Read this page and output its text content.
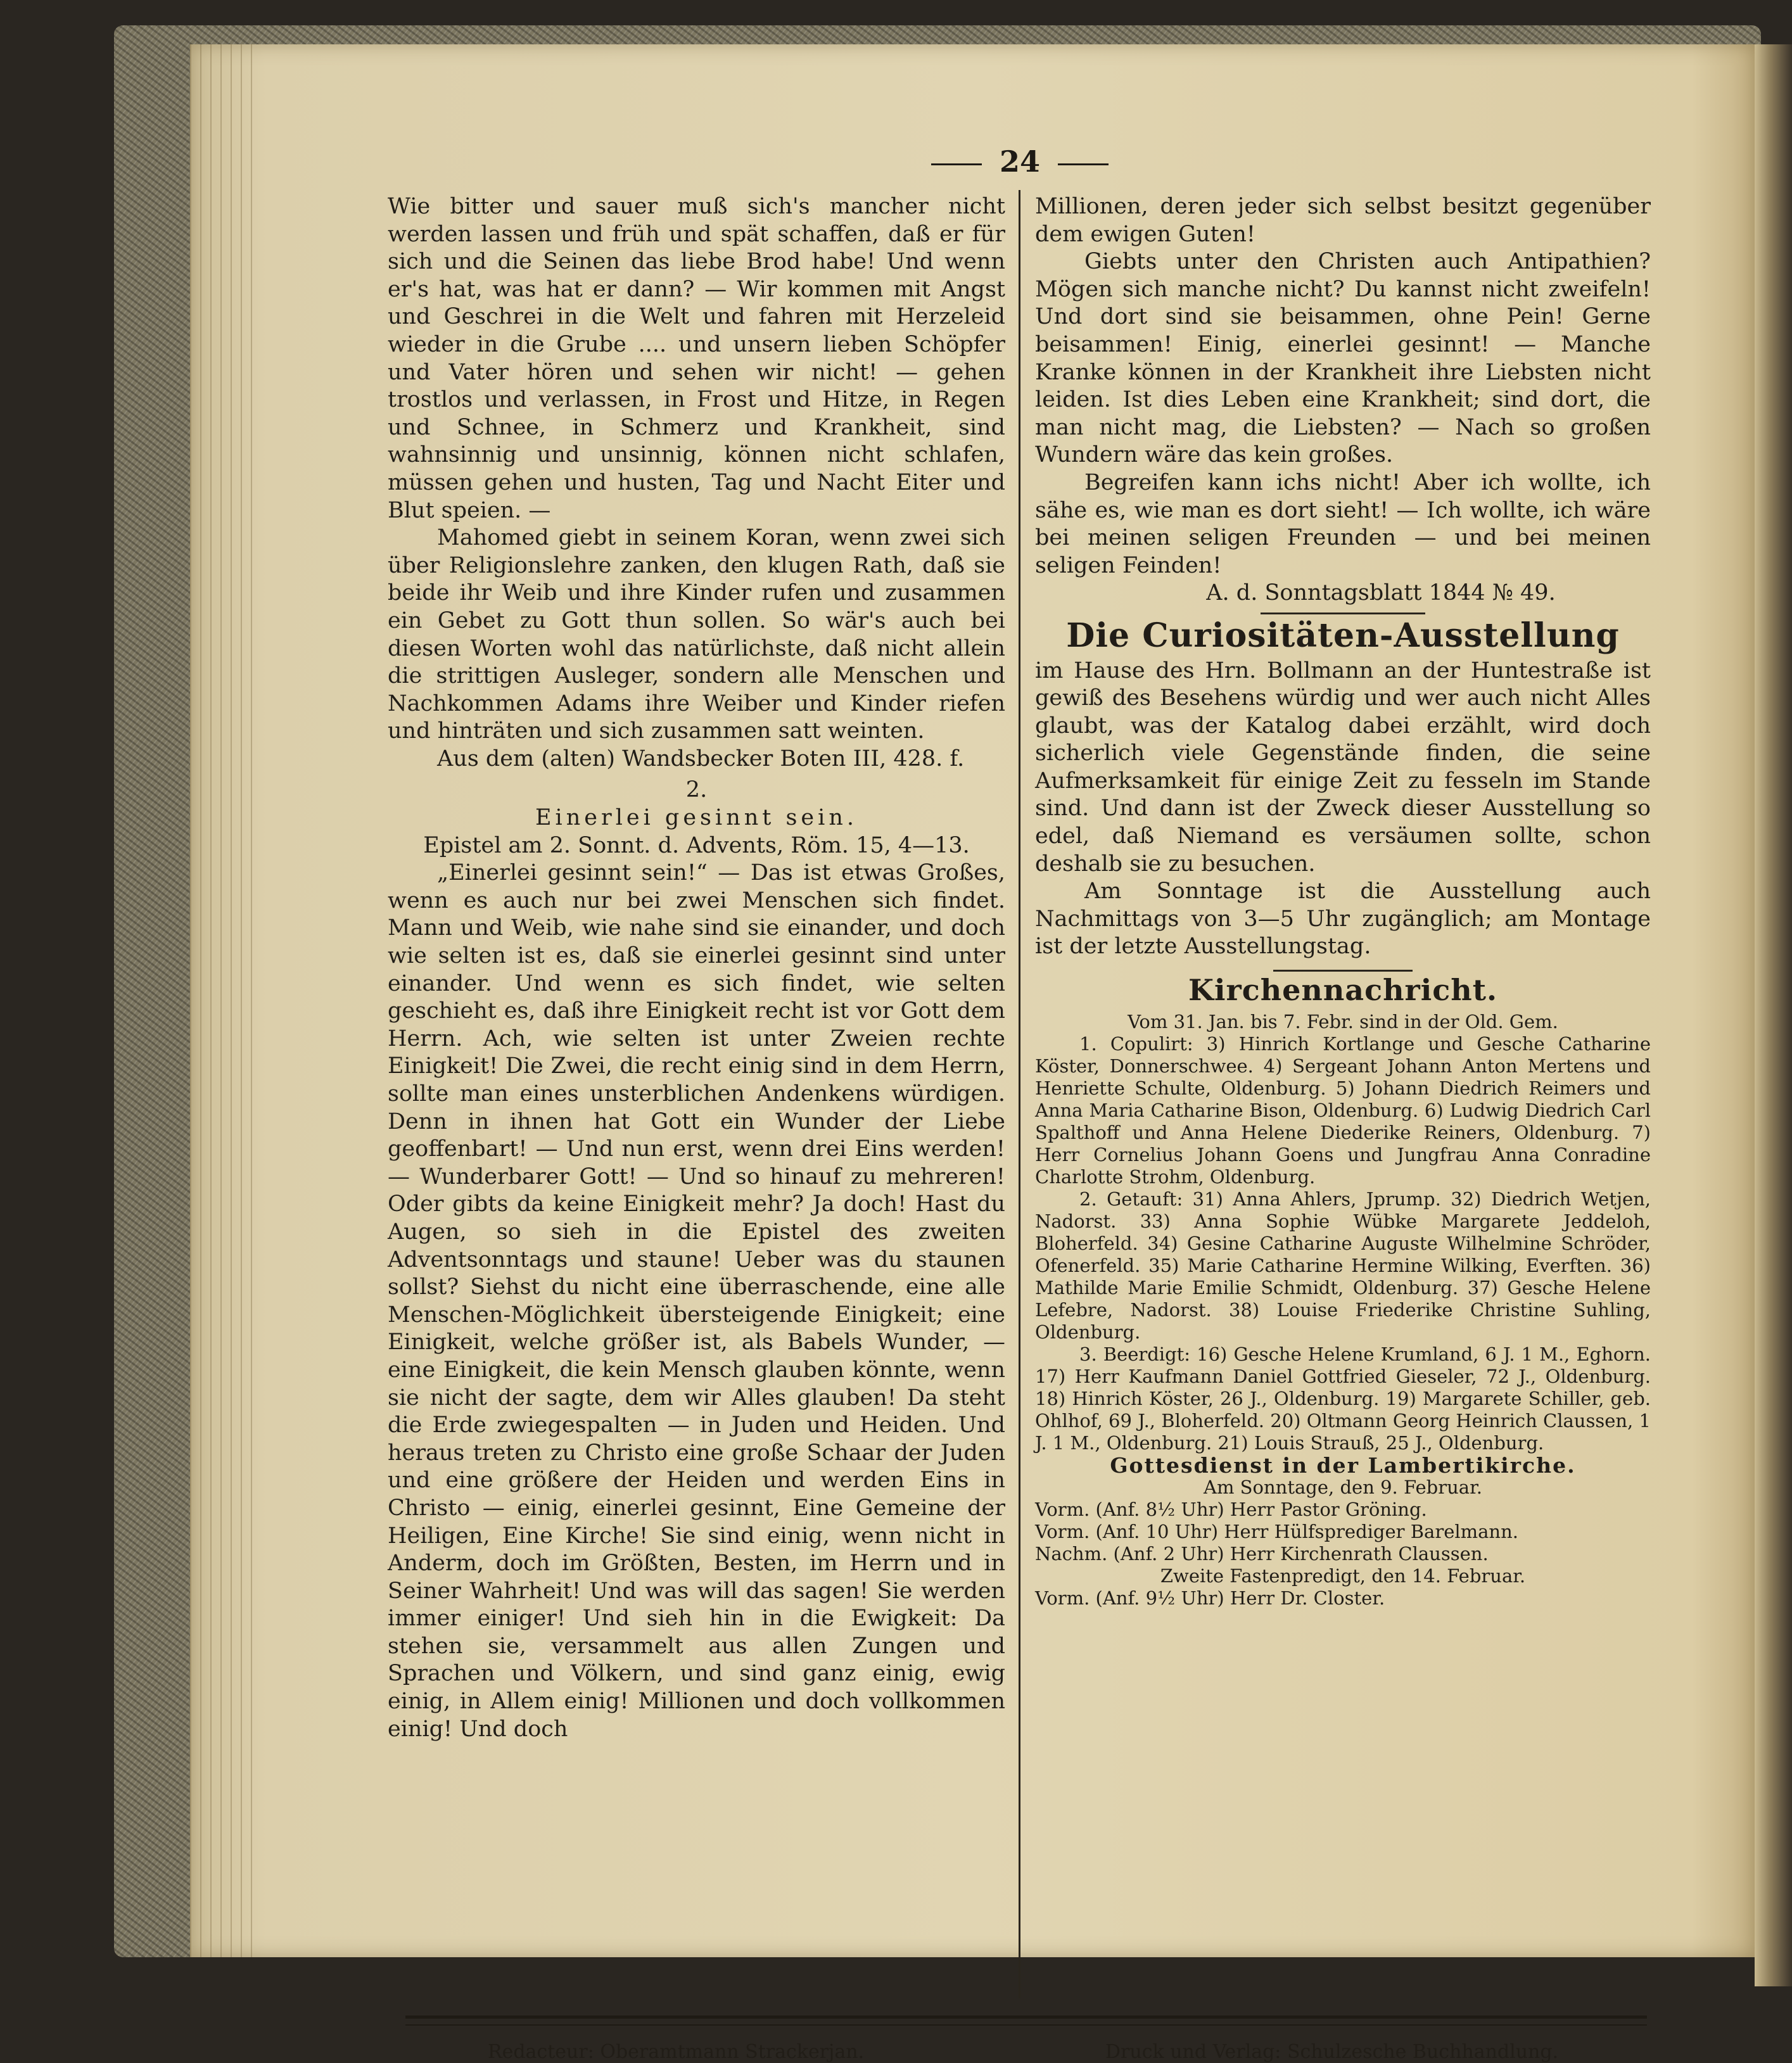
24

Wie bitter und sauer muß sich's mancher nicht werden lassen und früh und spät schaffen, daß er für sich und die Seinen das liebe Brod habe! Und wenn er's hat, was hat er dann? — Wir kommen mit Angst und Geschrei in die Welt und fahren mit Herzeleid wieder in die Grube .... und unsern lieben Schöpfer und Vater hören und sehen wir nicht! — gehen trostlos und verlassen, in Frost und Hitze, in Regen und Schnee, in Schmerz und Krankheit, sind wahnsinnig und unsinnig, können nicht schlafen, müssen gehen und husten, Tag und Nacht Eiter und Blut speien. —

Mahomed giebt in seinem Koran, wenn zwei sich über Religionslehre zanken, den klugen Rath, daß sie beide ihr Weib und ihre Kinder rufen und zusammen ein Gebet zu Gott thun sollen. So wär's auch bei diesen Worten wohl das natürlichste, daß nicht allein die strittigen Ausleger, sondern alle Menschen und Nachkommen Adams ihre Weiber und Kinder riefen und hinträten und sich zusammen satt weinten.

Aus dem (alten) Wandsbecker Boten III, 428. f.

2.

Einerlei gesinnt sein.

Epistel am 2. Sonnt. d. Advents, Röm. 15, 4—13.

„Einerlei gesinnt sein!“ — Das ist etwas Großes, wenn es auch nur bei zwei Menschen sich findet. Mann und Weib, wie nahe sind sie einander, und doch wie selten ist es, daß sie einerlei gesinnt sind unter einander. Und wenn es sich findet, wie selten geschieht es, daß ihre Einigkeit recht ist vor Gott dem Herrn. Ach, wie selten ist unter Zweien rechte Einigkeit! Die Zwei, die recht einig sind in dem Herrn, sollte man eines unsterblichen Andenkens würdigen. Denn in ihnen hat Gott ein Wunder der Liebe geoffenbart! — Und nun erst, wenn drei Eins werden! — Wunderbarer Gott! — Und so hinauf zu mehreren! Oder gibts da keine Einigkeit mehr? Ja doch! Hast du Augen, so sieh in die Epistel des zweiten Adventsonntags und staune! Ueber was du staunen sollst? Siehst du nicht eine überraschende, eine alle Menschen-Möglichkeit übersteigende Einigkeit; eine Einigkeit, welche größer ist, als Babels Wunder, — eine Einigkeit, die kein Mensch glauben könnte, wenn sie nicht der sagte, dem wir Alles glauben! Da steht die Erde zwiegespalten — in Juden und Heiden. Und heraus treten zu Christo eine große Schaar der Juden und eine größere der Heiden und werden Eins in Christo — einig, einerlei gesinnt, Eine Gemeine der Heiligen, Eine Kirche! Sie sind einig, wenn nicht in Anderm, doch im Größten, Besten, im Herrn und in Seiner Wahrheit! Und was will das sagen! Sie werden immer einiger! Und sieh hin in die Ewigkeit: Da stehen sie, versammelt aus allen Zungen und Sprachen und Völkern, und sind ganz einig, ewig einig, in Allem einig! Millionen und doch vollkommen einig! Und doch

Millionen, deren jeder sich selbst besitzt gegenüber dem ewigen Guten!

Giebts unter den Christen auch Antipathien? Mögen sich manche nicht? Du kannst nicht zweifeln! Und dort sind sie beisammen, ohne Pein! Gerne beisammen! Einig, einerlei gesinnt! — Manche Kranke können in der Krankheit ihre Liebsten nicht leiden. Ist dies Leben eine Krankheit; sind dort, die man nicht mag, die Liebsten? — Nach so großen Wundern wäre das kein großes.

Begreifen kann ichs nicht! Aber ich wollte, ich sähe es, wie man es dort sieht! — Ich wollte, ich wäre bei meinen seligen Freunden — und bei meinen seligen Feinden!

A. d. Sonntagsblatt 1844 № 49.

Die Curiositäten-Ausstellung

im Hause des Hrn. Bollmann an der Huntestraße ist gewiß des Besehens würdig und wer auch nicht Alles glaubt, was der Katalog dabei erzählt, wird doch sicherlich viele Gegenstände finden, die seine Aufmerksamkeit für einige Zeit zu fesseln im Stande sind. Und dann ist der Zweck dieser Ausstellung so edel, daß Niemand es versäumen sollte, schon deshalb sie zu besuchen.

Am Sonntage ist die Ausstellung auch Nachmittags von 3—5 Uhr zugänglich; am Montage ist der letzte Ausstellungstag.

Kirchennachricht.

Vom 31. Jan. bis 7. Febr. sind in der Old. Gem.

1. Copulirt: 3) Hinrich Kortlange und Gesche Catharine Köster, Donnerschwee. 4) Sergeant Johann Anton Mertens und Henriette Schulte, Oldenburg. 5) Johann Diedrich Reimers und Anna Maria Catharine Bison, Oldenburg. 6) Ludwig Diedrich Carl Spalthoff und Anna Helene Diederike Reiners, Oldenburg. 7) Herr Cornelius Johann Goens und Jungfrau Anna Conradine Charlotte Strohm, Oldenburg.

2. Getauft: 31) Anna Ahlers, Jprump. 32) Diedrich Wetjen, Nadorst. 33) Anna Sophie Wübke Margarete Jeddeloh, Bloherfeld. 34) Gesine Catharine Auguste Wilhelmine Schröder, Ofenerfeld. 35) Marie Catharine Hermine Wilking, Everften. 36) Mathilde Marie Emilie Schmidt, Oldenburg. 37) Gesche Helene Lefebre, Nadorst. 38) Louise Friederike Christine Suhling, Oldenburg.

3. Beerdigt: 16) Gesche Helene Krumland, 6 J. 1 M., Eghorn. 17) Herr Kaufmann Daniel Gottfried Gieseler, 72 J., Oldenburg. 18) Hinrich Köster, 26 J., Oldenburg. 19) Margarete Schiller, geb. Ohlhof, 69 J., Bloherfeld. 20) Oltmann Georg Heinrich Claussen, 1 J. 1 M., Oldenburg. 21) Louis Strauß, 25 J., Oldenburg.

Gottesdienst in der Lambertikirche.

Am Sonntage, den 9. Februar.

Vorm. (Anf. 8½ Uhr) Herr Pastor Gröning.

Vorm. (Anf. 10 Uhr) Herr Hülfsprediger Barelmann.

Nachm. (Anf. 2 Uhr) Herr Kirchenrath Claussen.

Zweite Fastenpredigt, den 14. Februar.

Vorm. (Anf. 9½ Uhr) Herr Dr. Closter.

Redacteur: Oberamtmann Strackerjan.	Druck und Verlag: Schulzesche Buchhandlung.
